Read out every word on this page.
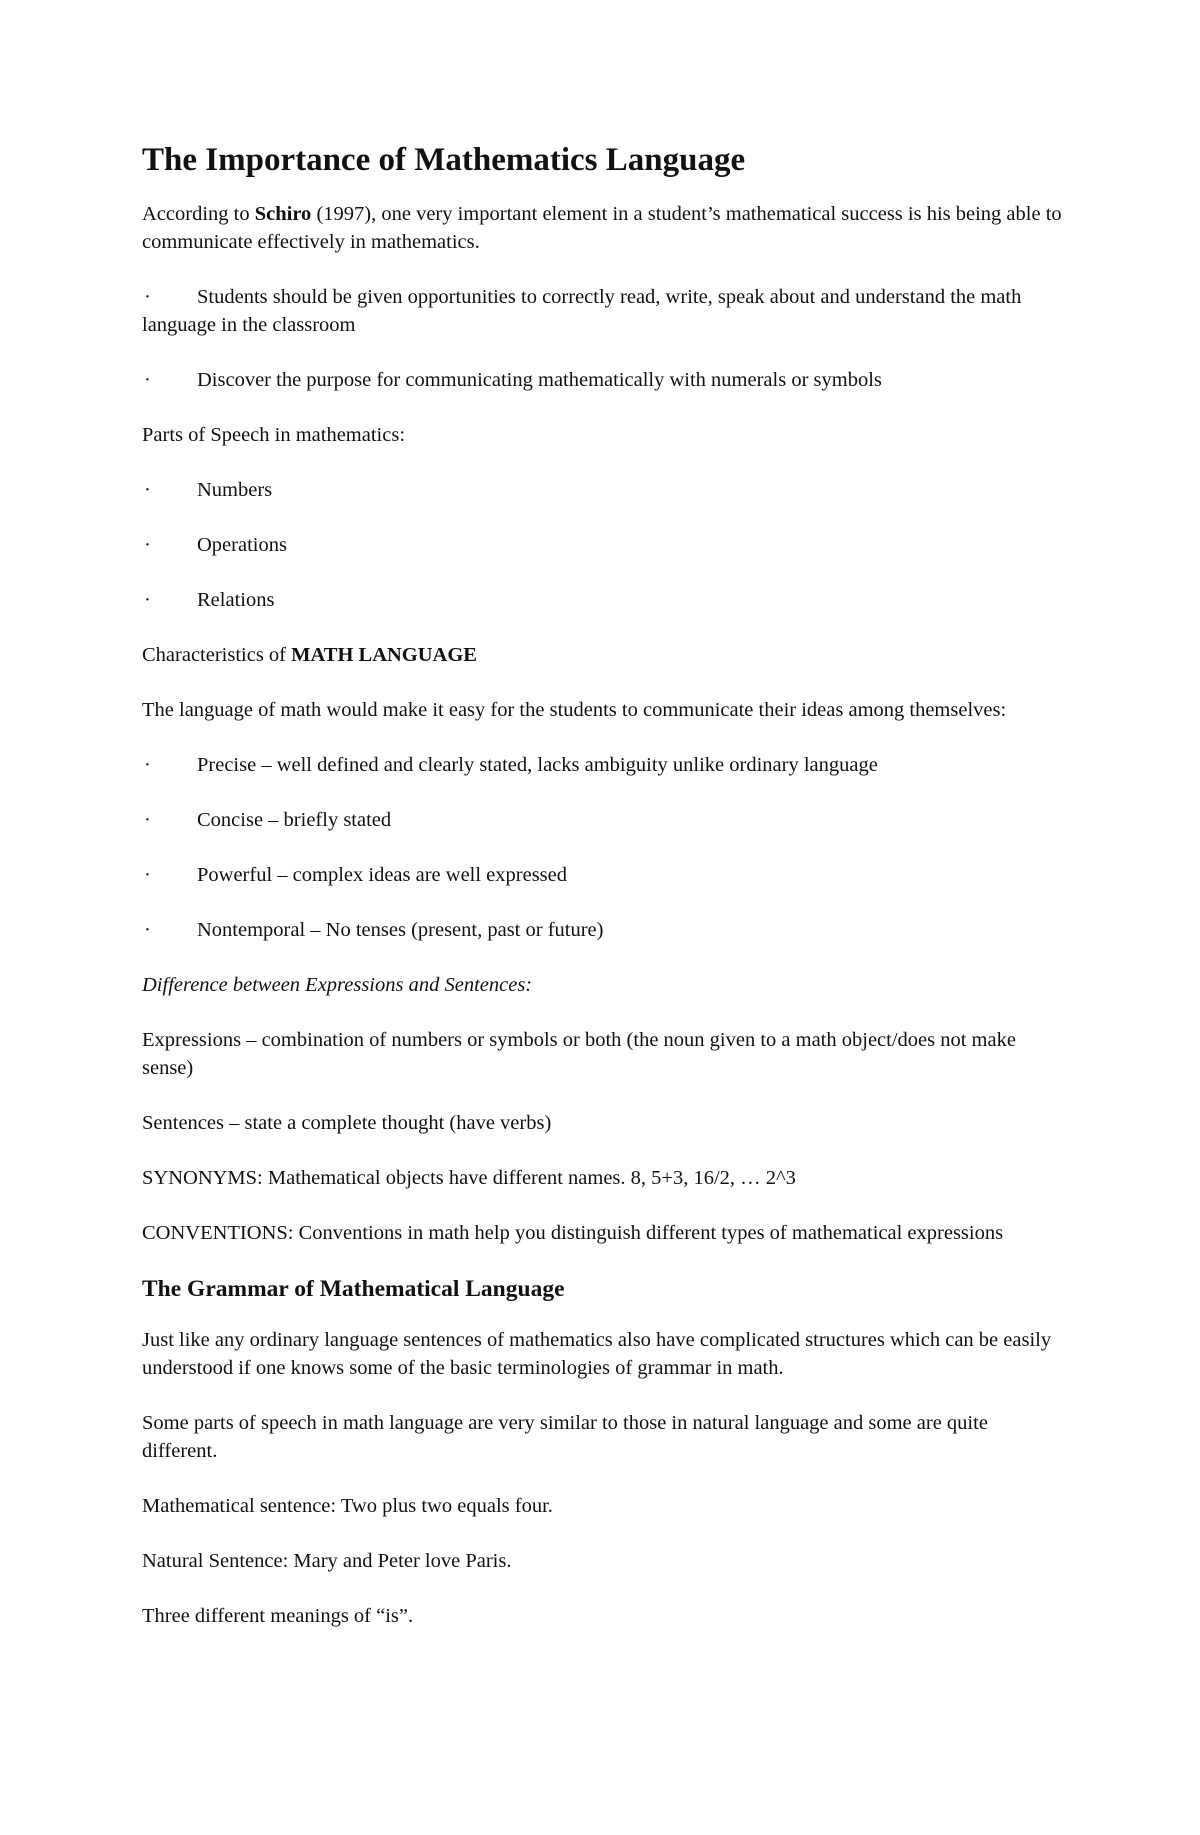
The Importance of Mathematics Language

According to Schiro (1997), one very important element in a student’s mathematical success is his being able to communicate effectively in mathematics.

· Students should be given opportunities to correctly read, write, speak about and understand the math language in the classroom
· Discover the purpose for communicating mathematically with numerals or symbols

Parts of Speech in mathematics:

· Numbers
· Operations
· Relations

Characteristics of MATH LANGUAGE

The language of math would make it easy for the students to communicate their ideas among themselves:

· Precise – well defined and clearly stated, lacks ambiguity unlike ordinary language
· Concise – briefly stated
· Powerful – complex ideas are well expressed
· Nontemporal – No tenses (present, past or future)

Difference between Expressions and Sentences:

Expressions – combination of numbers or symbols or both (the noun given to a math object/does not make sense)

Sentences – state a complete thought (have verbs)

SYNONYMS: Mathematical objects have different names. 8, 5+3, 16/2, … 2^3

CONVENTIONS: Conventions in math help you distinguish different types of mathematical expressions

The Grammar of Mathematical Language

Just like any ordinary language sentences of mathematics also have complicated structures which can be easily understood if one knows some of the basic terminologies of grammar in math.

Some parts of speech in math language are very similar to those in natural language and some are quite different.

Mathematical sentence: Two plus two equals four.

Natural Sentence: Mary and Peter love Paris.

Three different meanings of “is”.
